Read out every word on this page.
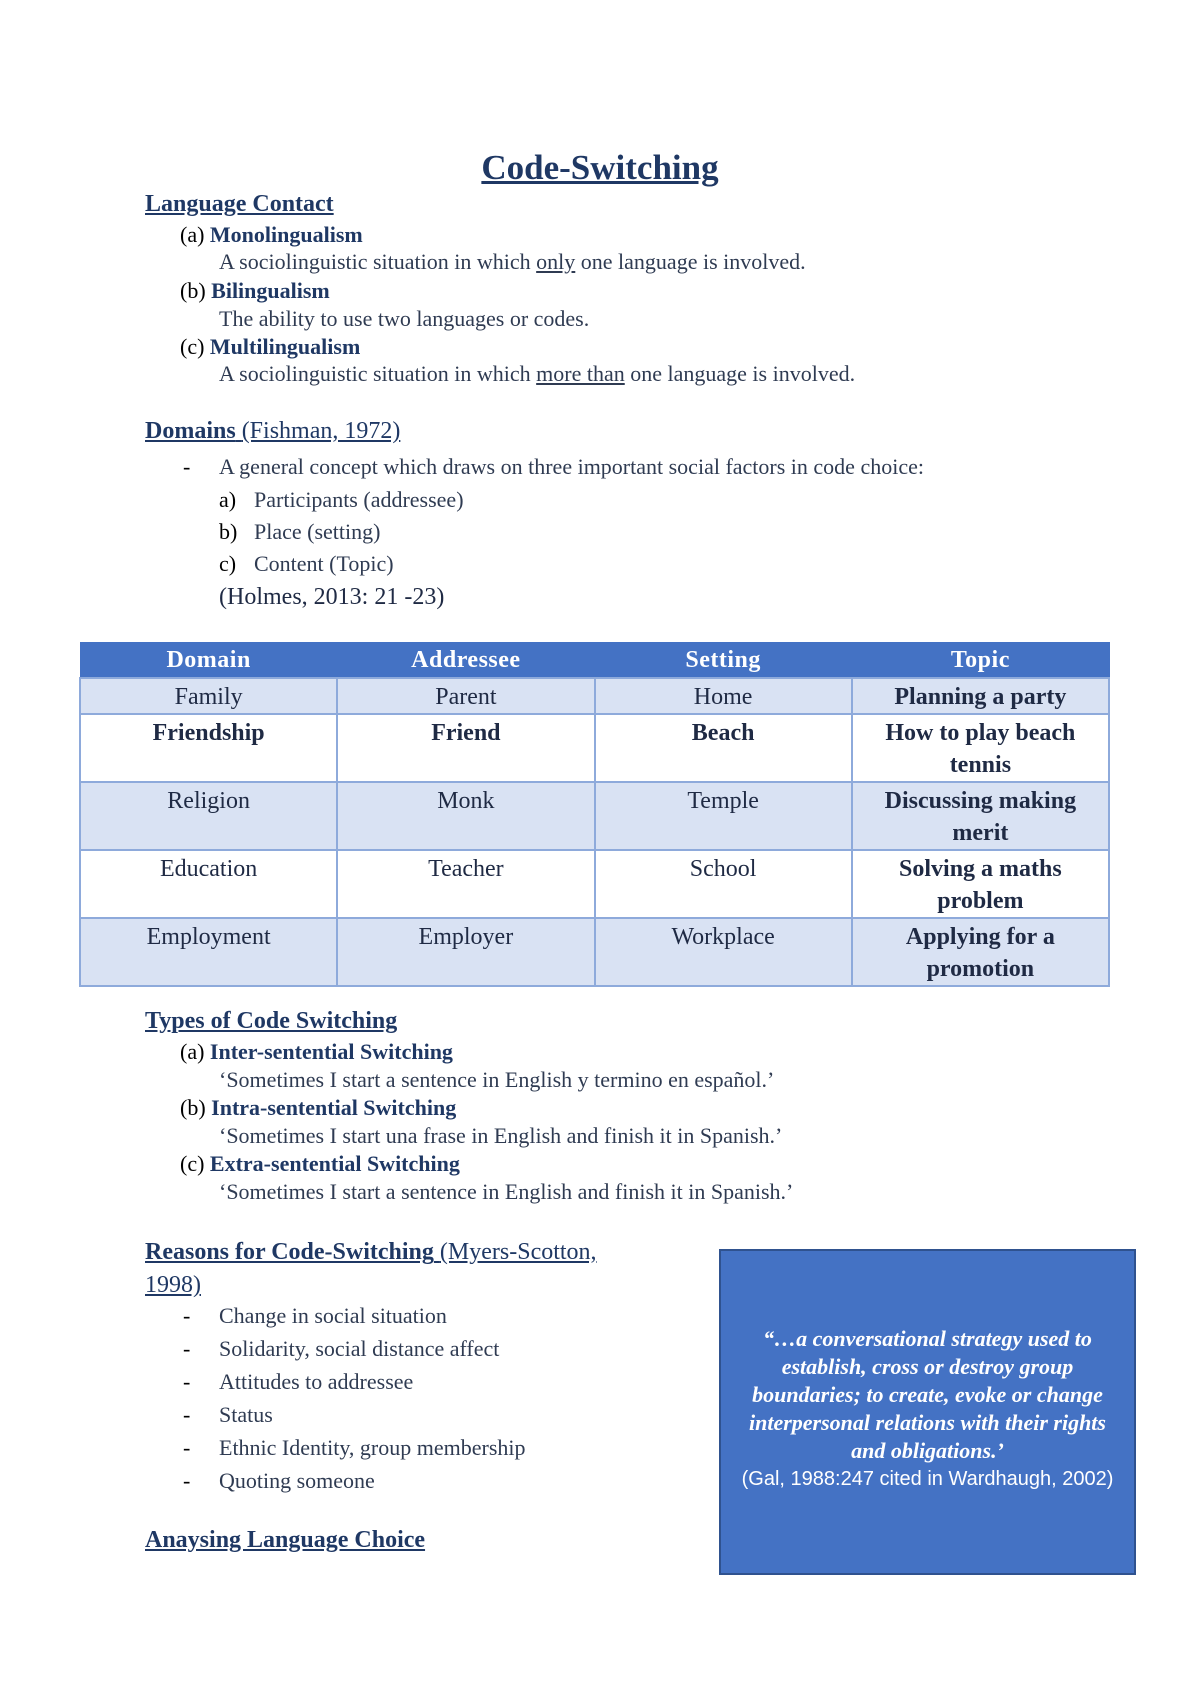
Code-Switching
Language Contact
(a) Monolingualism
A sociolinguistic situation in which only one language is involved.
(b) Bilingualism
The ability to use two languages or codes.
(c) Multilingualism
A sociolinguistic situation in which more than one language is involved.
Domains (Fishman, 1972)
- A general concept which draws on three important social factors in code choice:
a) Participants (addressee)
b) Place (setting)
c) Content (Topic)
(Holmes, 2013: 21 -23)
Domain	Addressee	Setting	Topic
Family	Parent	Home	Planning a party
Friendship	Friend	Beach	How to play beach tennis
Religion	Monk	Temple	Discussing making merit
Education	Teacher	School	Solving a maths problem
Employment	Employer	Workplace	Applying for a promotion
Types of Code Switching
(a) Inter-sentential Switching
‘Sometimes I start a sentence in English y termino en español.’
(b) Intra-sentential Switching
‘Sometimes I start una frase in English and finish it in Spanish.’
(c) Extra-sentential Switching
‘Sometimes I start a sentence in English and finish it in Spanish.’
Reasons for Code-Switching (Myers-Scotton,
1998)
- Change in social situation
- Solidarity, social distance affect
- Attitudes to addressee
- Status
- Ethnic Identity, group membership
- Quoting someone
Anaysing Language Choice

“…a conversational strategy used to establish, cross or destroy group boundaries; to create, evoke or change interpersonal relations with their rights and obligations.’

(Gal, 1988:247 cited in Wardhaugh, 2002)
